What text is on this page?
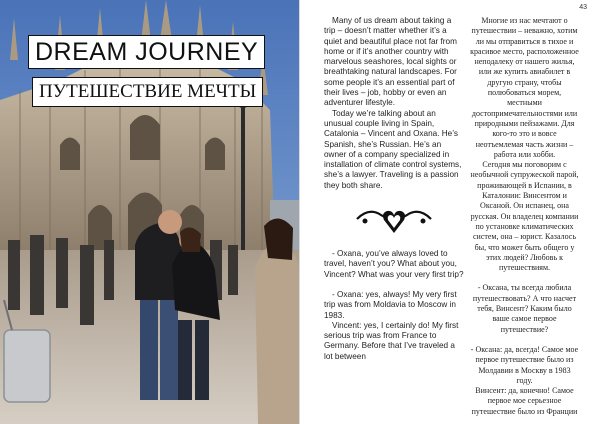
DREAM JOURNEY
ПУТЕШЕСТВИЕ МЕЧТЫ
43

Many of us dream about taking a trip – doesn’t matter whether it’s a quiet and beautiful place not far from home or if it’s another country with marvelous seashores, local sights or breathtaking natural landscapes. For some people it’s an essential part of their lives – job, hobby or even an adventurer lifestyle.

Today we’re talking about an unusual couple living in Spain, Catalonia – Vincent and Oxana. He’s Spanish, she’s Russian. He’s an owner of a company specialized in installation of climate control systems, she’s a lawyer. Traveling is a passion they both share.

- Oxana, you’ve always loved to travel, haven’t you? What about you, Vincent? What was your very first trip?

- Oxana: yes, always! My very first trip was from Moldavia to Moscow in 1983.

Vincent: yes, I certainly do! My first serious trip was from France to Germany. Before that I’ve traveled a lot between

Многие из нас мечтают о путешествии – неважно, хотим ли мы отправиться в тихое и красивое место, расположенное неподалеку от нашего жилья, или же купить авиабилет в другую страну, чтобы полюбоваться морем, местными достопримечательностями или природными пейзажами. Для кого-то это и вовсе неотъемлемая часть жизни – работа или хобби.

Сегодня мы поговорим с необычной супружеской парой, проживающей в Испании, в Каталонии: Винсентом и Оксаной. Он испанец, она русская. Он владелец компании по установке климатических систем, она – юрист. Казалось бы, что может быть общего у этих людей? Любовь к путешествиям.

- Оксана, ты всегда любила путешествовать? А что насчет тебя, Винсент? Каким было ваше самое первое путешествие?

- Оксана: да, всегда! Самое мое первое путешествие было из Молдавии в Москву в 1983 году.

Винсент: да, конечно! Самое первое мое серьезное путешествие было из Франции
